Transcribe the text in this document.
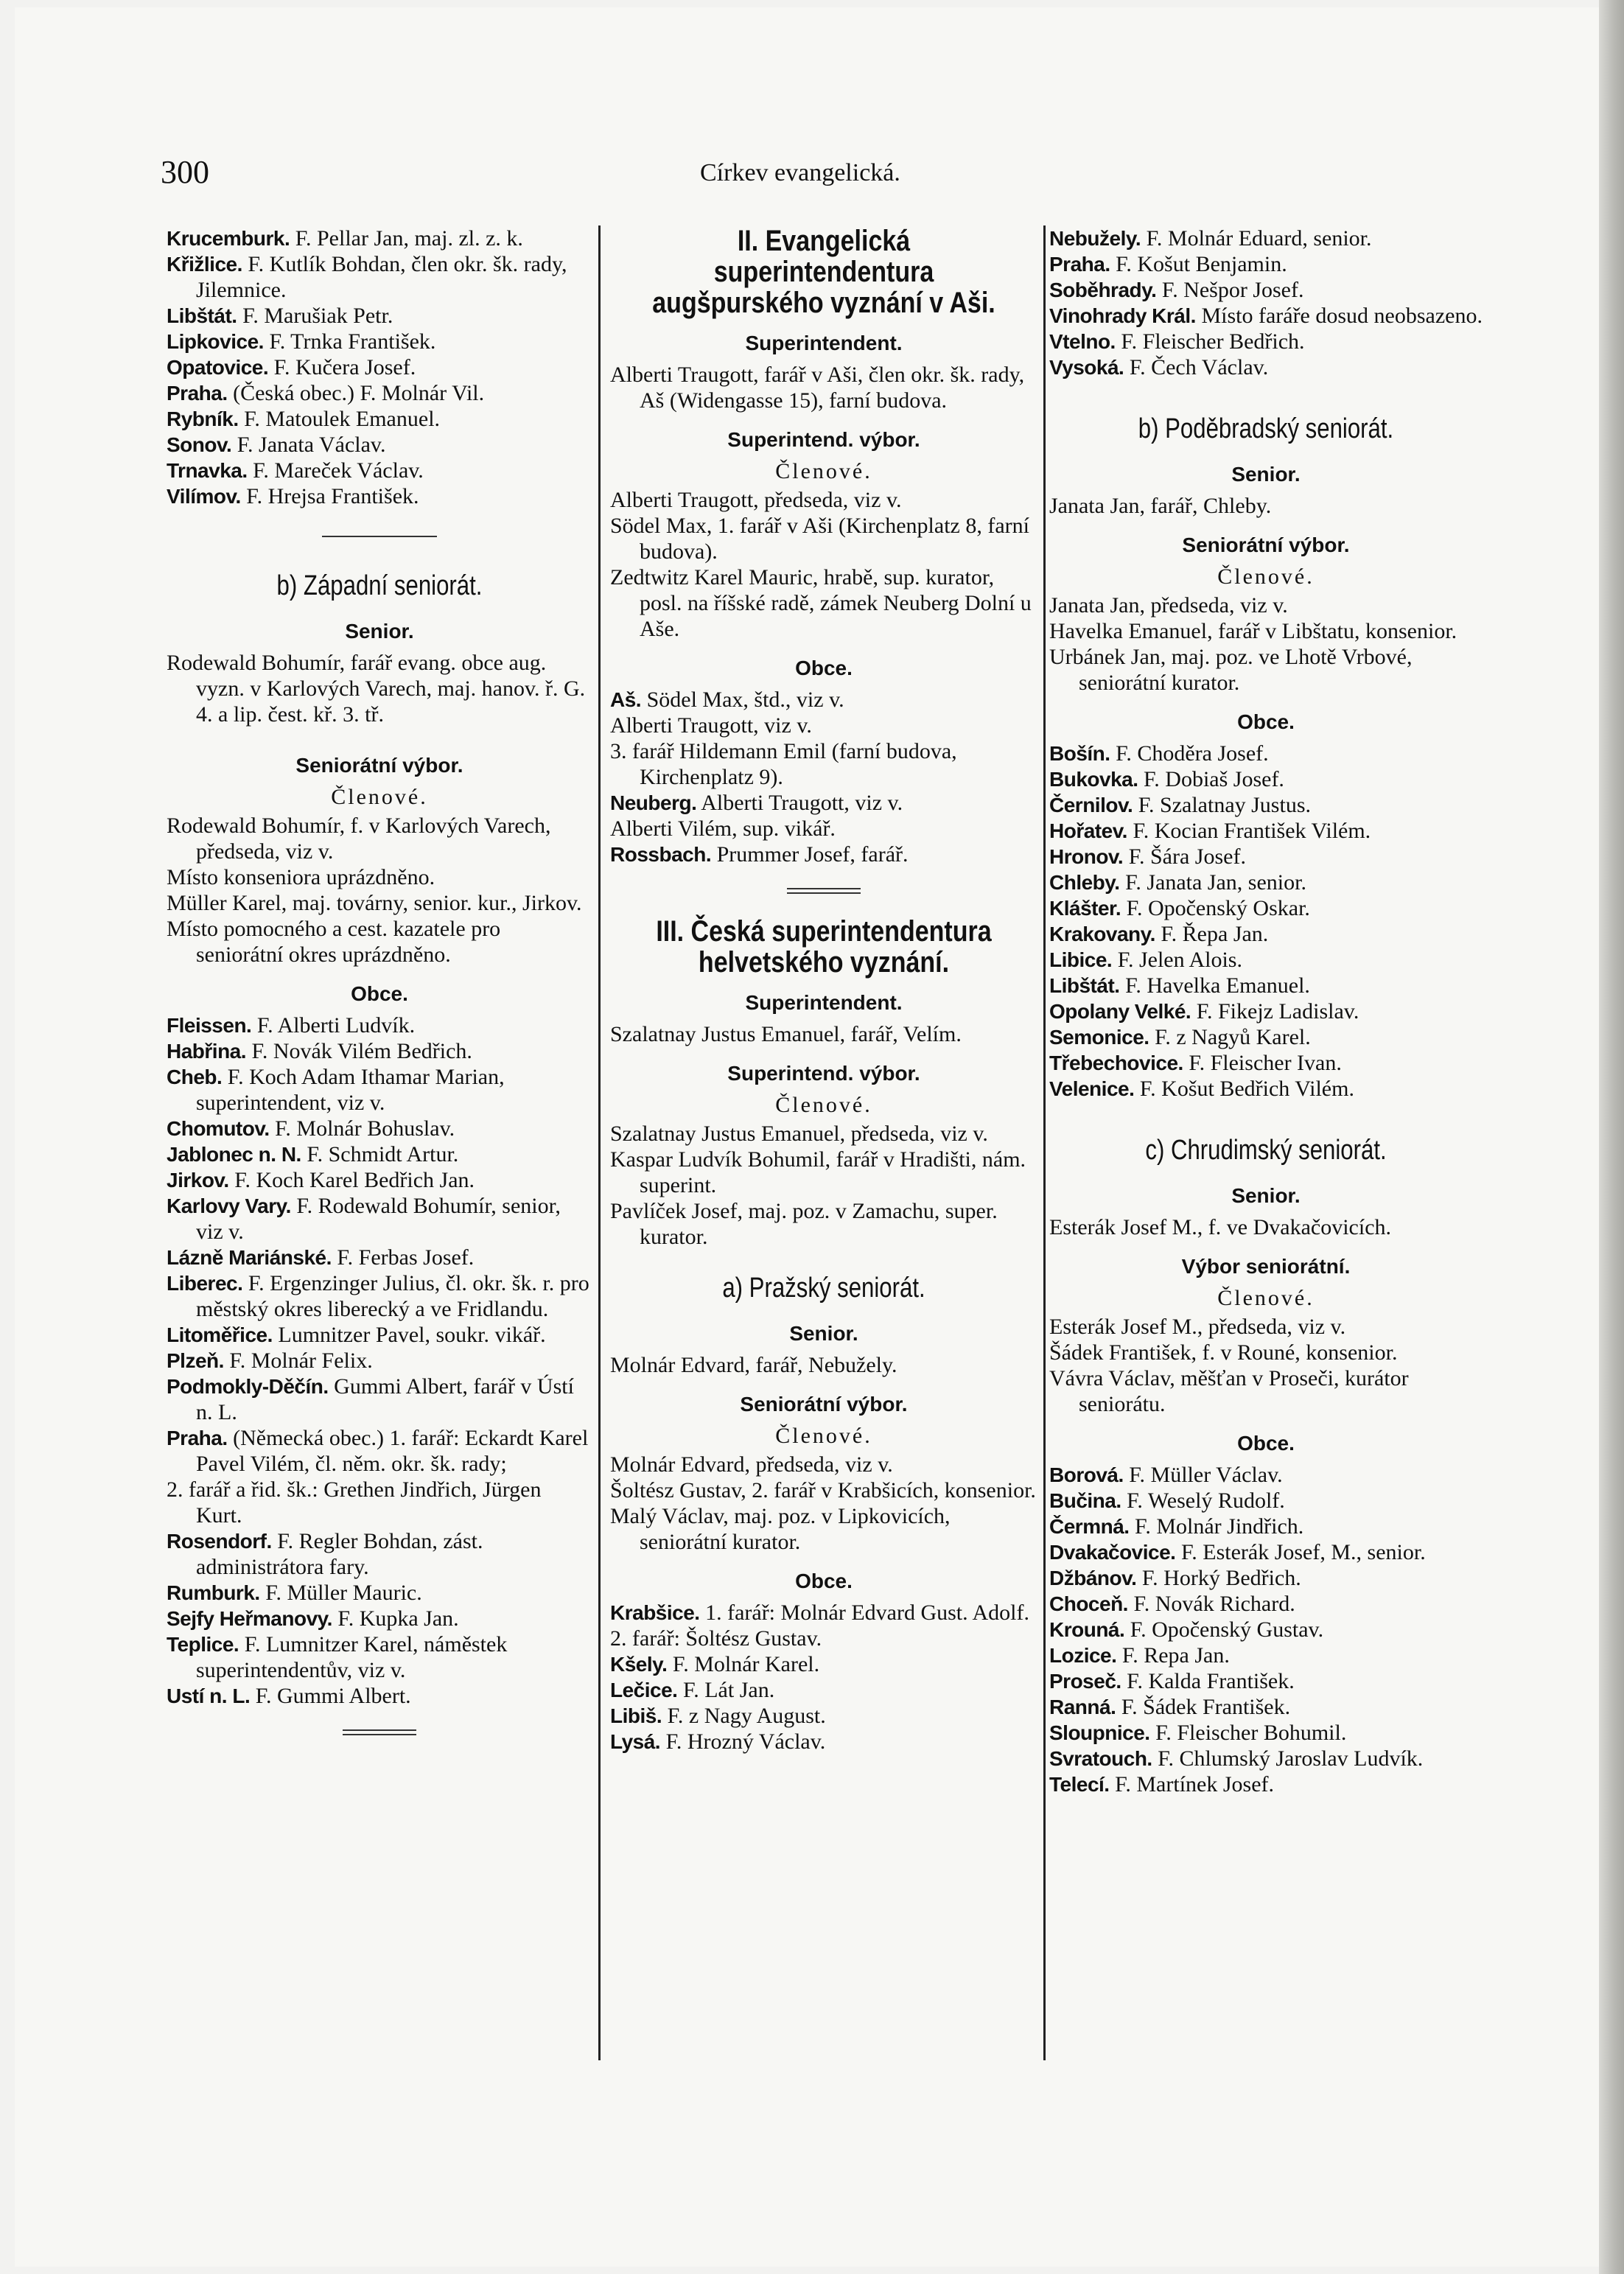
300	Církev evangelická.

Krucemburk. F. Pellar Jan, maj. zl. z. k.

Křižlice. F. Kutlík Bohdan, člen okr. šk. rady, Jilemnice.

Libštát. F. Marušiak Petr.

Lipkovice. F. Trnka František.

Opatovice. F. Kučera Josef.

Praha. (Česká obec.) F. Molnár Vil.

Rybník. F. Matoulek Emanuel.

Sonov. F. Janata Václav.

Trnavka. F. Mareček Václav.

Vilímov. F. Hrejsa František.

b) Západní seniorát.
Senior.

Rodewald Bohumír, farář evang. obce aug. vyzn. v Karlových Varech, maj. hanov. ř. G. 4. a lip. čest. kř. 3. tř.

Seniorátní výbor.
Členové.

Rodewald Bohumír, f. v Karlových Varech, předseda, viz v.

Místo konseniora uprázdněno.

Müller Karel, maj. továrny, senior. kur., Jirkov.

Místo pomocného a cest. kazatele pro seniorátní okres uprázdněno.

Obce.

Fleissen. F. Alberti Ludvík.

Habřina. F. Novák Vilém Bedřich.

Cheb. F. Koch Adam Ithamar Marian, superintendent, viz v.

Chomutov. F. Molnár Bohuslav.

Jablonec n. N. F. Schmidt Artur.

Jirkov. F. Koch Karel Bedřich Jan.

Karlovy Vary. F. Rodewald Bohumír, senior, viz v.

Lázně Mariánské. F. Ferbas Josef.

Liberec. F. Ergenzinger Julius, čl. okr. šk. r. pro městský okres liberecký a ve Fridlandu.

Litoměřice. Lumnitzer Pavel, soukr. vikář.

Plzeň. F. Molnár Felix.

Podmokly-Děčín. Gummi Albert, farář v Ústí n. L.

Praha. (Německá obec.) 1. farář: Eckardt Karel Pavel Vilém, čl. něm. okr. šk. rady;

2. farář a řid. šk.: Grethen Jindřich, Jürgen Kurt.

Rosendorf. F. Regler Bohdan, zást. administrátora fary.

Rumburk. F. Müller Mauric.

Sejfy Heřmanovy. F. Kupka Jan.

Teplice. F. Lumnitzer Karel, náměstek superintendentův, viz v.

Ustí n. L. F. Gummi Albert.

II. Evangelická superintendentura augšpurského vyznání v Aši.
Superintendent.

Alberti Traugott, farář v Aši, člen okr. šk. rady, Aš (Widengasse 15), farní budova.

Superintend. výbor.
Členové.

Alberti Traugott, předseda, viz v.

Södel Max, 1. farář v Aši (Kirchenplatz 8, farní budova).

Zedtwitz Karel Mauric, hrabě, sup. kurator, posl. na říšské radě, zámek Neuberg Dolní u Aše.

Obce.

Aš. Södel Max, štd., viz v.

Alberti Traugott, viz v.

3. farář Hildemann Emil (farní budova, Kirchenplatz 9).

Neuberg. Alberti Traugott, viz v.

Alberti Vilém, sup. vikář.

Rossbach. Prummer Josef, farář.

III. Česká superintendentura helvetského vyznání.
Superintendent.

Szalatnay Justus Emanuel, farář, Velím.

Superintend. výbor.
Členové.

Szalatnay Justus Emanuel, předseda, viz v.

Kaspar Ludvík Bohumil, farář v Hradišti, nám. superint.

Pavlíček Josef, maj. poz. v Zamachu, super. kurator.

a) Pražský seniorát.
Senior.

Molnár Edvard, farář, Nebužely.

Seniorátní výbor.
Členové.

Molnár Edvard, předseda, viz v.

Šoltész Gustav, 2. farář v Krabšicích, konsenior.

Malý Václav, maj. poz. v Lipkovicích, seniorátní kurator.

Obce.

Krabšice. 1. farář: Molnár Edvard Gust. Adolf.

2. farář: Šoltész Gustav.

Kšely. F. Molnár Karel.

Lečice. F. Lát Jan.

Libiš. F. z Nagy August.

Lysá. F. Hrozný Václav.

Nebužely. F. Molnár Eduard, senior.

Praha. F. Košut Benjamin.

Soběhrady. F. Nešpor Josef.

Vinohrady Král. Místo faráře dosud neobsazeno.

Vtelno. F. Fleischer Bedřich.

Vysoká. F. Čech Václav.

b) Poděbradský seniorát.
Senior.

Janata Jan, farář, Chleby.

Seniorátní výbor.
Členové.

Janata Jan, předseda, viz v.

Havelka Emanuel, farář v Libštatu, konsenior.

Urbánek Jan, maj. poz. ve Lhotě Vrbové, seniorátní kurator.

Obce.

Bošín. F. Choděra Josef.

Bukovka. F. Dobiaš Josef.

Černilov. F. Szalatnay Justus.

Hořatev. F. Kocian František Vilém.

Hronov. F. Šára Josef.

Chleby. F. Janata Jan, senior.

Klášter. F. Opočenský Oskar.

Krakovany. F. Řepa Jan.

Libice. F. Jelen Alois.

Libštát. F. Havelka Emanuel.

Opolany Velké. F. Fikejz Ladislav.

Semonice. F. z Nagyů Karel.

Třebechovice. F. Fleischer Ivan.

Velenice. F. Košut Bedřich Vilém.

c) Chrudimský seniorát.
Senior.

Esterák Josef M., f. ve Dvakačovicích.

Výbor seniorátní.
Členové.

Esterák Josef M., předseda, viz v.

Šádek František, f. v Rouné, konsenior.

Vávra Václav, měšťan v Proseči, kurátor seniorátu.

Obce.

Borová. F. Müller Václav.

Bučina. F. Weselý Rudolf.

Čermná. F. Molnár Jindřich.

Dvakačovice. F. Esterák Josef, M., senior.

Džbánov. F. Horký Bedřich.

Choceň. F. Novák Richard.

Krouná. F. Opočenský Gustav.

Lozice. F. Repa Jan.

Proseč. F. Kalda František.

Ranná. F. Šádek František.

Sloupnice. F. Fleischer Bohumil.

Svratouch. F. Chlumský Jaroslav Ludvík.

Telecí. F. Martínek Josef.
